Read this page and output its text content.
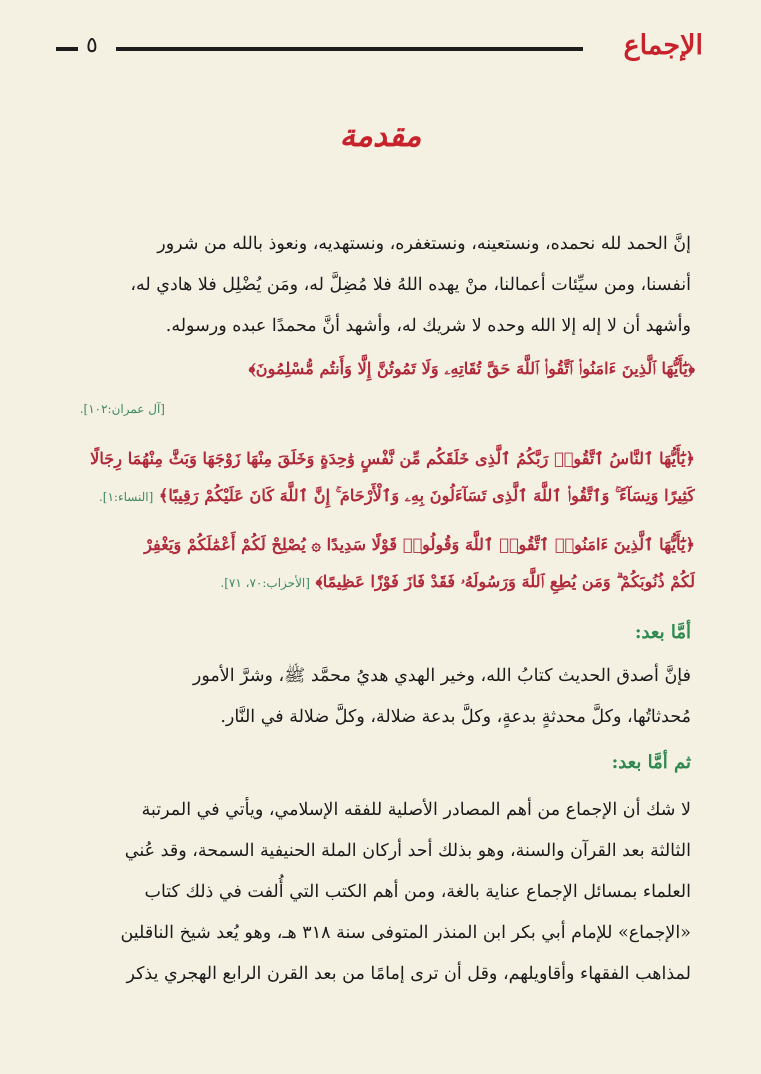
الإجماع
٥
مقدمة
إنَّ الحمد لله نحمده، ونستعينه، ونستغفره، ونستهديه، ونعوذ بالله من شرور
أنفسنا، ومن سيِّئات أعمالنا، منْ يهده اللهُ فلا مُضِلَّ له، ومَن يُضْلِل فلا هادي له،
وأشهد أن لا إله إلا الله وحده لا شريك له، وأشهد أنَّ محمدًا عبده ورسوله.
﴿يَٰٓأَيُّهَا ٱلَّذِينَ ءَامَنُوا۟ ٱتَّقُوا۟ ٱللَّهَ حَقَّ تُقَاتِهِۦ وَلَا تَمُوتُنَّ إِلَّا وَأَنتُم مُّسْلِمُونَ﴾
[آل عمران:١٠٢].
﴿يَٰٓأَيُّهَا ٱلنَّاسُ ٱتَّقُوا۟ رَبَّكُمُ ٱلَّذِى خَلَقَكُم مِّن نَّفْسٍ وَٰحِدَةٍ وَخَلَقَ مِنْهَا زَوْجَهَا وَبَثَّ مِنْهُمَا رِجَالًا
كَثِيرًا وَنِسَآءً ۚ وَٱتَّقُوا۟ ٱللَّهَ ٱلَّذِى تَسَآءَلُونَ بِهِۦ وَٱلْأَرْحَامَ ۚ إِنَّ ٱللَّهَ كَانَ عَلَيْكُمْ رَقِيبًا﴾ [النساء:١].
﴿يَٰٓأَيُّهَا ٱلَّذِينَ ءَامَنُوا۟ ٱتَّقُوا۟ ٱللَّهَ وَقُولُوا۟ قَوْلًا سَدِيدًا ۞ يُصْلِحْ لَكُمْ أَعْمَٰلَكُمْ وَيَغْفِرْ
لَكُمْ ذُنُوبَكُمْ ۗ وَمَن يُطِعِ ٱللَّهَ وَرَسُولَهُۥ فَقَدْ فَازَ فَوْزًا عَظِيمًا﴾ [الأحزاب:٧٠، ٧١].
أمَّا بعد:
فإنَّ أصدق الحديث كتابُ الله، وخير الهدي هديُ محمَّد ﷺ، وشرَّ الأمور
مُحدثاتُها، وكلَّ محدثةٍ بدعةٍ، وكلَّ بدعة ضلالة، وكلَّ ضلالة في النَّار.
ثم أمَّا بعد:
لا شك أن الإجماع من أهم المصادر الأصلية للفقه الإسلامي، ويأتي في المرتبة
الثالثة بعد القرآن والسنة، وهو بذلك أحد أركان الملة الحنيفية السمحة، وقد عُني
العلماء بمسائل الإجماع عناية بالغة، ومن أهم الكتب التي أُلفت في ذلك كتاب
«الإجماع» للإمام أبي بكر ابن المنذر المتوفى سنة ٣١٨ هـ، وهو يُعد شيخ الناقلين
لمذاهب الفقهاء وأقاويلهم، وقل أن ترى إمامًا من بعد القرن الرابع الهجري يذكر
